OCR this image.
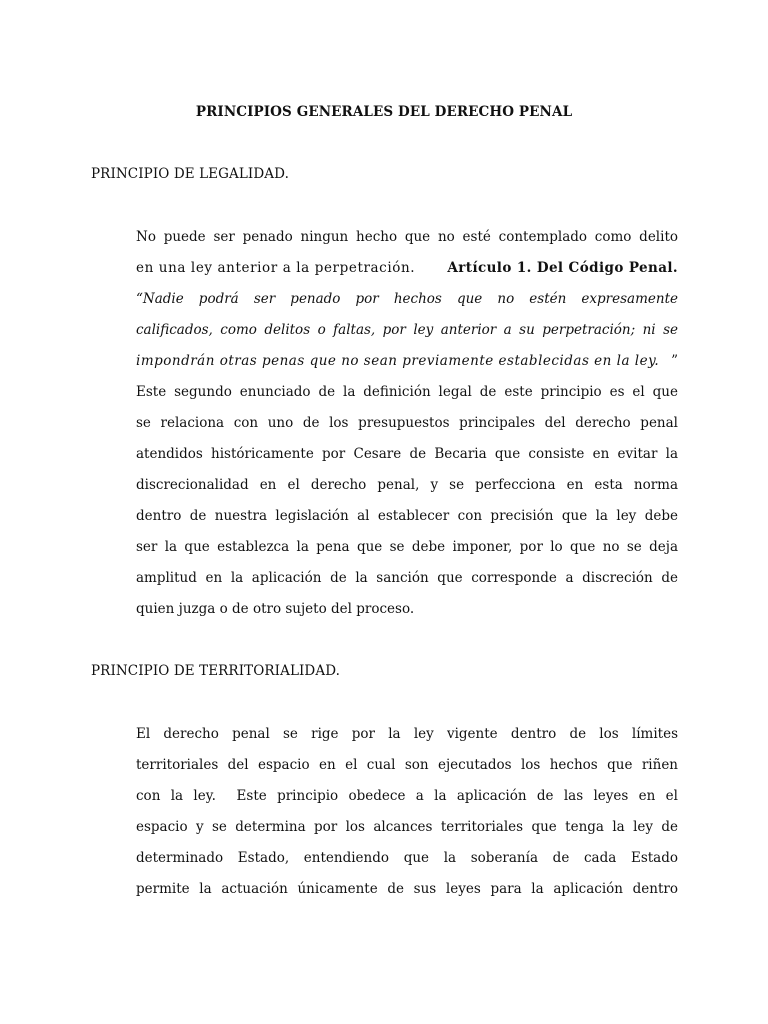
PRINCIPIOS GENERALES DEL DERECHO PENAL
PRINCIPIO DE LEGALIDAD.
No puede ser penado ningun hecho que no esté contemplado como delito
en una ley anterior a la perpetración. Artículo 1. Del Código Penal.
“Nadie podrá ser penado por hechos que no estén expresamente
calificados, como delitos o faltas, por ley anterior a su perpetración; ni se
impondrán otras penas que no sean previamente establecidas en la ley. ”
Este segundo enunciado de la definición legal de este principio es el que
se relaciona con uno de los presupuestos principales del derecho penal
atendidos históricamente por Cesare de Becaria que consiste en evitar la
discrecionalidad en el derecho penal, y se perfecciona en esta norma
dentro de nuestra legislación al establecer con precisión que la ley debe
ser la que establezca la pena que se debe imponer, por lo que no se deja
amplitud en la aplicación de la sanción que corresponde a discreción de
quien juzga o de otro sujeto del proceso.
PRINCIPIO DE TERRITORIALIDAD.
El derecho penal se rige por la ley vigente dentro de los límites
territoriales del espacio en el cual son ejecutados los hechos que riñen
con la ley.  Este principio obedece a la aplicación de las leyes en el
espacio y se determina por los alcances territoriales que tenga la ley de
determinado Estado, entendiendo que la soberanía de cada Estado
permite la actuación únicamente de sus leyes para la aplicación dentro
